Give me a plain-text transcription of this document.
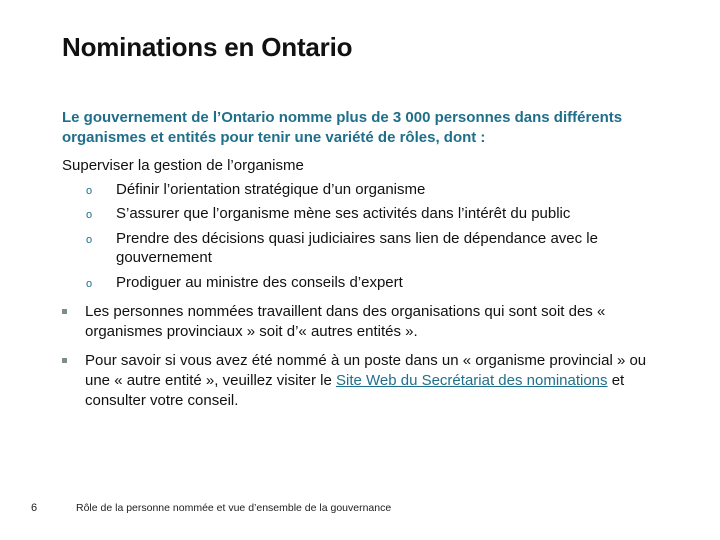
Nominations en Ontario
Le gouvernement de l’Ontario nomme plus de 3 000 personnes dans différents organismes et entités pour tenir une variété de rôles, dont :
Superviser la gestion de l’organisme
o Définir l’orientation stratégique d’un organisme
o S’assurer que l’organisme mène ses activités dans l’intérêt du public
o Prendre des décisions quasi judiciaires sans lien de dépendance avec le gouvernement
o Prodiguer au ministre des conseils d’expert
Les personnes nommées travaillent dans des organisations qui sont soit des « organismes provinciaux » soit d’« autres entités ».
Pour savoir si vous avez été nommé à un poste dans un « organisme provincial » ou une « autre entité », veuillez visiter le Site Web du Secrétariat des nominations et consulter votre conseil.
6	Rôle de la personne nommée et vue d’ensemble de la gouvernance
